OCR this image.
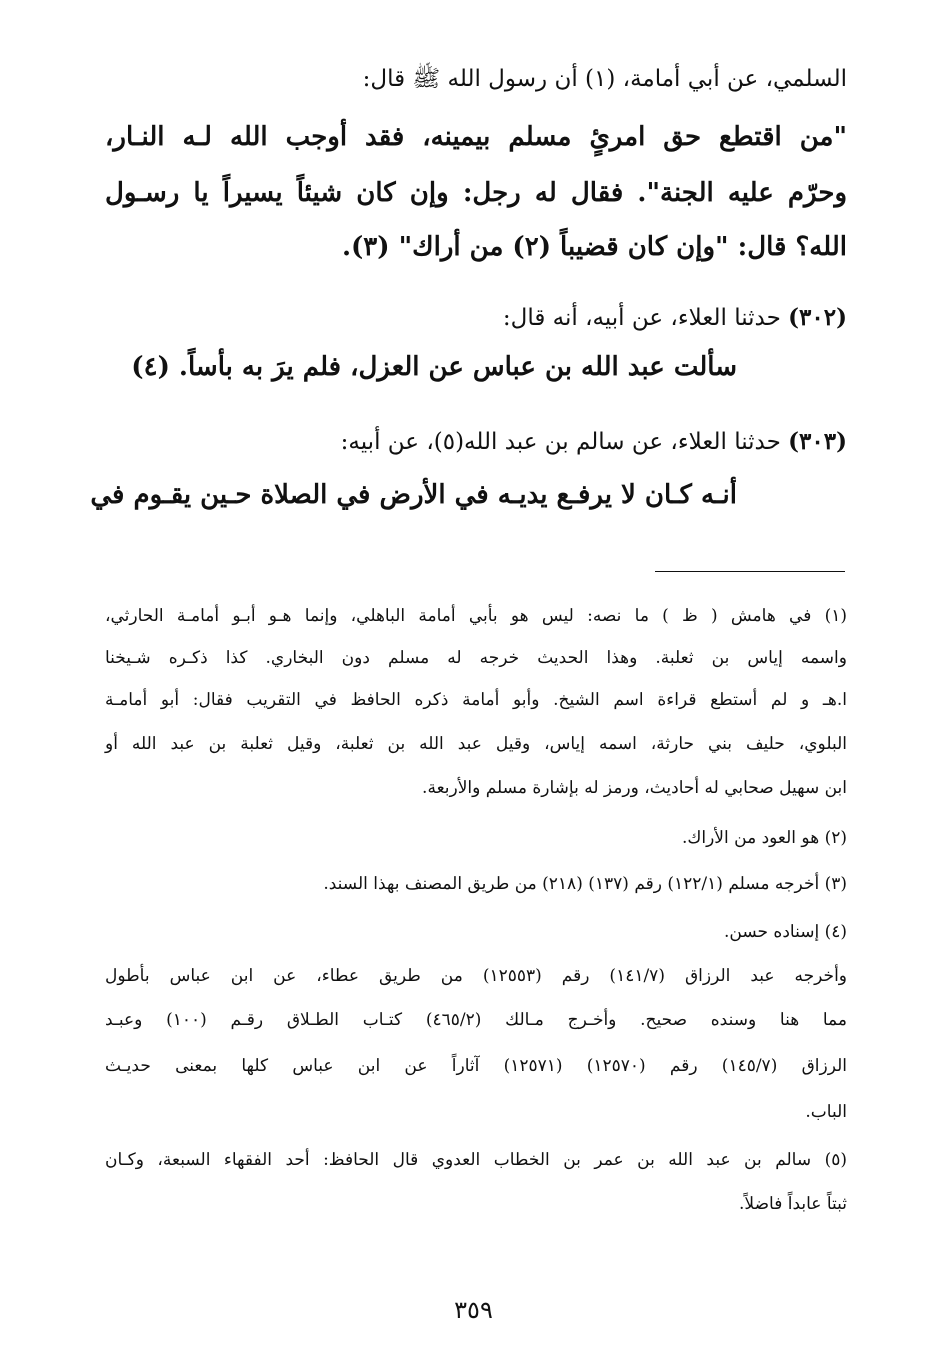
السلمي، عن أبي أمامة، (١) أن رسول الله ﷺ قال:
"من اقتطع حق امرئٍ مسلم بيمينه، فقد أوجب الله لـه النـار،
وحرّم عليه الجنة". فقال له رجل: وإن كان شيئاً يسيراً يا رسـول
الله؟ قال: "وإن كان قضيباً (٢) من أراك" (٣).
(٣٠٢) حدثنا العلاء، عن أبيه، أنه قال:
سألت عبد الله بن عباس عن العزل، فلم يرَ به بأساً. (٤)
(٣٠٣) حدثنا العلاء، عن سالم بن عبد الله(٥)، عن أبيه:
أنـه كـان لا يرفـع يديـه في الأرض في الصلاة حـين يقـوم في
(١) في هامش ( ظ ) ما نصه: ليس هو بأبي أمامة الباهلي، وإنما هـو أبـو أمامـة الحارثي،
واسمه إياس بن ثعلبة. وهذا الحديث خرجه له مسلم دون البخاري. كذا ذكـره شـيخنا
ا.هـ و لم أستطع قراءة اسم الشيخ. وأبو أمامة ذكره الحافظ في التقريب فقال: أبو أمامـة
البلوي، حليف بني حارثة، اسمه إياس، وقيل عبد الله بن ثعلبة، وقيل ثعلبة بن عبد الله أو
ابن سهيل صحابي له أحاديث، ورمز له بإشارة مسلم والأربعة.
(٢) هو العود من الأراك.
(٣) أخرجه مسلم (١٢٢/١) رقم (١٣٧) (٢١٨) من طريق المصنف بهذا السند.
(٤) إسناده حسن.
وأخرجه عبد الرزاق (١٤١/٧) رقم (١٢٥٥٣) من طريق عطاء، عن ابن عباس بأطول
مما هنا وسنده صحيح. وأخـرج مـالك (٤٦٥/٢) كتـاب الطـلاق رقـم (١٠٠) وعبـد
الرزاق (١٤٥/٧) رقم (١٢٥٧٠) (١٢٥٧١) آثاراً عن ابن عباس كلها بمعنى حديـث
الباب.
(٥) سالم بن عبد الله بن عمر بن الخطاب العدوي قال الحافظ: أحد الفقهاء السبعة، وكـان
ثبتاً عابداً فاضلاً.
٣٥٩
